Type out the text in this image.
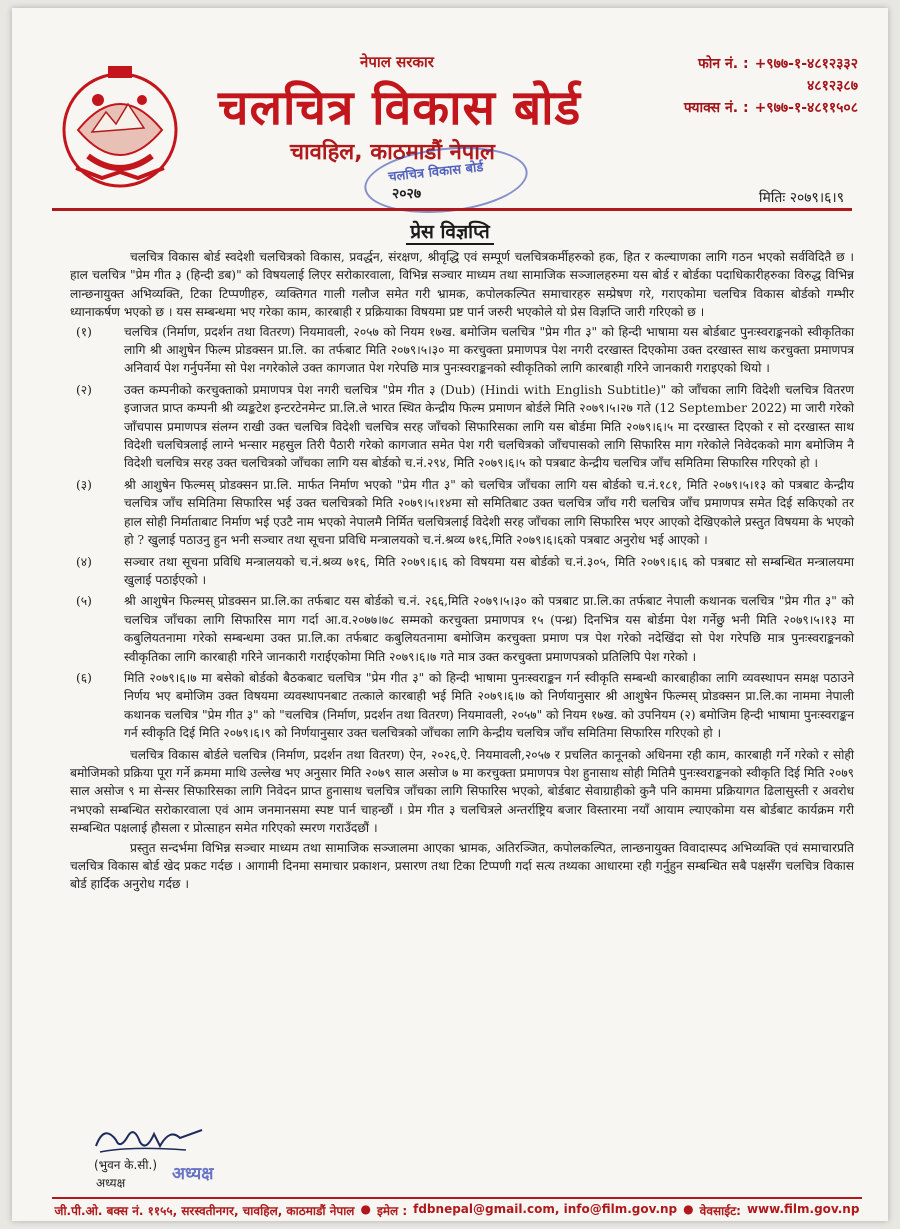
नेपाल सरकार
चलचित्र विकास बोर्ड
चावहिल, काठमाडौं नेपाल
चलचित्र विकास बोर्ड
२०२७
फोन नं. : +९७७-१-४८१२३३२
४८१२३८७
फ्याक्स नं. : +९७७-१-४८११५०८
मितिः २०७९।६।९
प्रेस विज्ञप्ति

चलचित्र विकास बोर्ड स्वदेशी चलचित्रको विकास, प्रवर्द्धन, संरक्षण, श्रीवृद्धि एवं सम्पूर्ण चलचित्रकर्मीहरुको हक, हित र कल्याणका लागि गठन भएको सर्वविदितै छ । हाल चलचित्र "प्रेम गीत ३ (हिन्दी डब)" को विषयलाई लिएर सरोकारवाला, विभिन्न सञ्चार माध्यम तथा सामाजिक सञ्जालहरुमा यस बोर्ड र बोर्डका पदाधिकारीहरुका विरुद्ध विभिन्न लान्छनायुक्त अभिव्यक्ति, टिका टिप्पणीहरु, व्यक्तिगत गाली गलौज समेत गरी भ्रामक, कपोलकल्पित समाचारहरु सम्प्रेषण गरे, गराएकोमा चलचित्र विकास बोर्डको गम्भीर ध्यानाकर्षण भएको छ । यस सम्बन्धमा भए गरेका काम, कारबाही र प्रक्रियाका विषयमा प्रष्ट पार्न जरुरी भएकोले यो प्रेस विज्ञप्ति जारी गरिएको छ ।

(१)	चलचित्र (निर्माण, प्रदर्शन तथा वितरण) नियमावली, २०५७ को नियम १७ख. बमोजिम चलचित्र "प्रेम गीत ३" को हिन्दी भाषामा यस बोर्डबाट पुनःस्वराङ्कनको स्वीकृतिका लागि श्री आशुषेन फिल्म प्रोडक्सन प्रा.लि. का तर्फबाट मिति २०७९।५।३० मा करचुक्ता प्रमाणपत्र पेश नगरी दरखास्त दिएकोमा उक्त दरखास्त साथ करचुक्ता प्रमाणपत्र अनिवार्य पेश गर्नुपर्नेमा सो पेश नगरेकोले उक्त कागजात पेश गरेपछि मात्र पुनःस्वराङ्कनको स्वीकृतिको लागि कारबाही गरिने जानकारी गराइएको थियो ।
(२)	उक्त कम्पनीको करचुक्ताको प्रमाणपत्र पेश नगरी चलचित्र "प्रेम गीत ३ (Dub) (Hindi with English Subtitle)" को जाँचका लागि विदेशी चलचित्र वितरण इजाजत प्राप्त कम्पनी श्री व्यङ्कटेश इन्टरटेनमेन्ट प्रा.लि.ले भारत स्थित केन्द्रीय फिल्म प्रमाणन बोर्डले मिति २०७९।५।२७ गते (12 September 2022) मा जारी गरेको जाँचपास प्रमाणपत्र संलग्न राखी उक्त चलचित्र विदेशी चलचित्र सरह जाँचको सिफारिसका लागि यस बोर्डमा मिति २०७९।६।५ मा दरखास्त दिएको र सो दरखास्त साथ विदेशी चलचित्रलाई लाग्ने भन्सार महसुल तिरी पैठारी गरेको कागजात समेत पेश गरी चलचित्रको जाँचपासको लागि सिफारिस माग गरेकोले निवेदकको माग बमोजिम नै विदेशी चलचित्र सरह उक्त चलचित्रको जाँचका लागि यस बोर्डको च.नं.२९४, मिति २०७९।६।५ को पत्रबाट केन्द्रीय चलचित्र जाँच समितिमा सिफारिस गरिएको हो ।
(३)	श्री आशुषेन फिल्मस् प्रोडक्सन प्रा.लि. मार्फत निर्माण भएको "प्रेम गीत ३" को चलचित्र जाँचका लागि यस बोर्डको च.नं.१८१, मिति २०७९।५।१३ को पत्रबाट केन्द्रीय चलचित्र जाँच समितिमा सिफारिस भई उक्त चलचित्रको मिति २०७९।५।१४मा सो समितिबाट उक्त चलचित्र जाँच गरी चलचित्र जाँच प्रमाणपत्र समेत दिई सकिएको तर हाल सोही निर्माताबाट निर्माण भई एउटै नाम भएको नेपालमै निर्मित चलचित्रलाई विदेशी सरह जाँचका लागि सिफारिस भएर आएको देखिएकोले प्रस्तुत विषयमा के भएको हो ? खुलाई पठाउनु हुन भनी सञ्चार तथा सूचना प्रविधि मन्त्रालयको च.नं.श्रव्य ७१६,मिति २०७९।६।६को पत्रबाट अनुरोध भई आएको ।
(४)	सञ्चार तथा सूचना प्रविधि मन्त्रालयको च.नं.श्रव्य ७१६, मिति २०७९।६।६ को विषयमा यस बोर्डको च.नं.३०५, मिति २०७९।६।६ को पत्रबाट सो सम्बन्धित मन्त्रालयमा खुलाई पठाईएको ।
(५)	श्री आशुषेन फिल्मस् प्रोडक्सन प्रा.लि.का तर्फबाट यस बोर्डको च.नं. २६६,मिति २०७९।५।३० को पत्रबाट प्रा.लि.का तर्फबाट नेपाली कथानक चलचित्र "प्रेम गीत ३" को चलचित्र जाँचका लागि सिफारिस माग गर्दा आ.व.२०७७।७८ सम्मको करचुक्ता प्रमाणपत्र १५ (पन्ध्र) दिनभित्र यस बोर्डमा पेश गर्नेछु भनी मिति २०७९।५।१३ मा कबुलियतनामा गरेको सम्बन्धमा उक्त प्रा.लि.का तर्फबाट कबुलियतनामा बमोजिम करचुक्ता प्रमाण पत्र पेश गरेको नदेखिंदा सो पेश गरेपछि मात्र पुनःस्वराङ्कनको स्वीकृतिका लागि कारबाही गरिने जानकारी गराईएकोमा मिति २०७९।६।७ गते मात्र उक्त करचुक्ता प्रमाणपत्रको प्रतिलिपि पेश गरेको ।
(६)	मिति २०७९।६।७ मा बसेको बोर्डको बैठकबाट चलचित्र "प्रेम गीत ३" को हिन्दी भाषामा पुनःस्वराङ्कन गर्न स्वीकृति सम्बन्धी कारबाहीका लागि व्यवस्थापन समक्ष पठाउने निर्णय भए बमोजिम उक्त विषयमा व्यवस्थापनबाट तत्काले कारबाही भई मिति २०७९।६।७ को निर्णयानुसार श्री आशुषेन फिल्मस् प्रोडक्सन प्रा.लि.का नाममा नेपाली कथानक चलचित्र "प्रेम गीत ३" को "चलचित्र (निर्माण, प्रदर्शन तथा वितरण) नियमावली, २०५७" को नियम १७ख. को उपनियम (२) बमोजिम हिन्दी भाषामा पुनःस्वराङ्कन गर्न स्वीकृति दिई मिति २०७९।६।९ को निर्णयानुसार उक्त चलचित्रको जाँचका लागि केन्द्रीय चलचित्र जाँच समितिमा सिफारिस गरिएको हो ।

चलचित्र विकास बोर्डले चलचित्र (निर्माण, प्रदर्शन तथा वितरण) ऐन, २०२६,ऐ. नियमावली,२०५७ र प्रचलित कानूनको अधिनमा रही काम, कारबाही गर्ने गरेको र सोही बमोजिमको प्रक्रिया पूरा गर्ने क्रममा माथि उल्लेख भए अनुसार मिति २०७९ साल असोज ७ मा करचुक्ता प्रमाणपत्र पेश हुनासाथ सोही मितिमै पुनःस्वराङ्कनको स्वीकृति दिई मिति २०७९ साल असोज ९ मा सेन्सर सिफारिसका लागि निवेदन प्राप्त हुनासाथ चलचित्र जाँचका लागि सिफारिस भएको, बोर्डबाट सेवाग्राहीको कुनै पनि काममा प्रक्रियागत ढिलासुस्ती र अवरोध नभएको सम्बन्धित सरोकारवाला एवं आम जनमानसमा स्पष्ट पार्न चाहन्छौं । प्रेम गीत ३ चलचित्रले अन्तर्राष्ट्रिय बजार विस्तारमा नयाँ आयाम ल्याएकोमा यस बोर्डबाट कार्यक्रम गरी सम्बन्धित पक्षलाई हौसला र प्रोत्साहन समेत गरिएको स्मरण गराउँदछौं ।

प्रस्तुत सन्दर्भमा विभिन्न सञ्चार माध्यम तथा सामाजिक सञ्जालमा आएका भ्रामक, अतिरञ्जित, कपोलकल्पित, लान्छनायुक्त विवादास्पद अभिव्यक्ति एवं समाचारप्रति चलचित्र विकास बोर्ड खेद प्रकट गर्दछ । आगामी दिनमा समाचार प्रकाशन, प्रसारण तथा टिका टिप्पणी गर्दा सत्य तथ्यका आधारमा रही गर्नुहुन सम्बन्धित सबै पक्षसँग चलचित्र विकास बोर्ड हार्दिक अनुरोध गर्दछ ।

(भुवन के.सी.)
अध्यक्ष	अध्यक्ष
जी.पी.ओ. बक्स नं. ११५५, सरस्वतीनगर, चावहिल, काठमाडौं नेपाल ● इमेल : fdbnepal@gmail.com, info@film.gov.np ● वेवसाईट: www.film.gov.np
